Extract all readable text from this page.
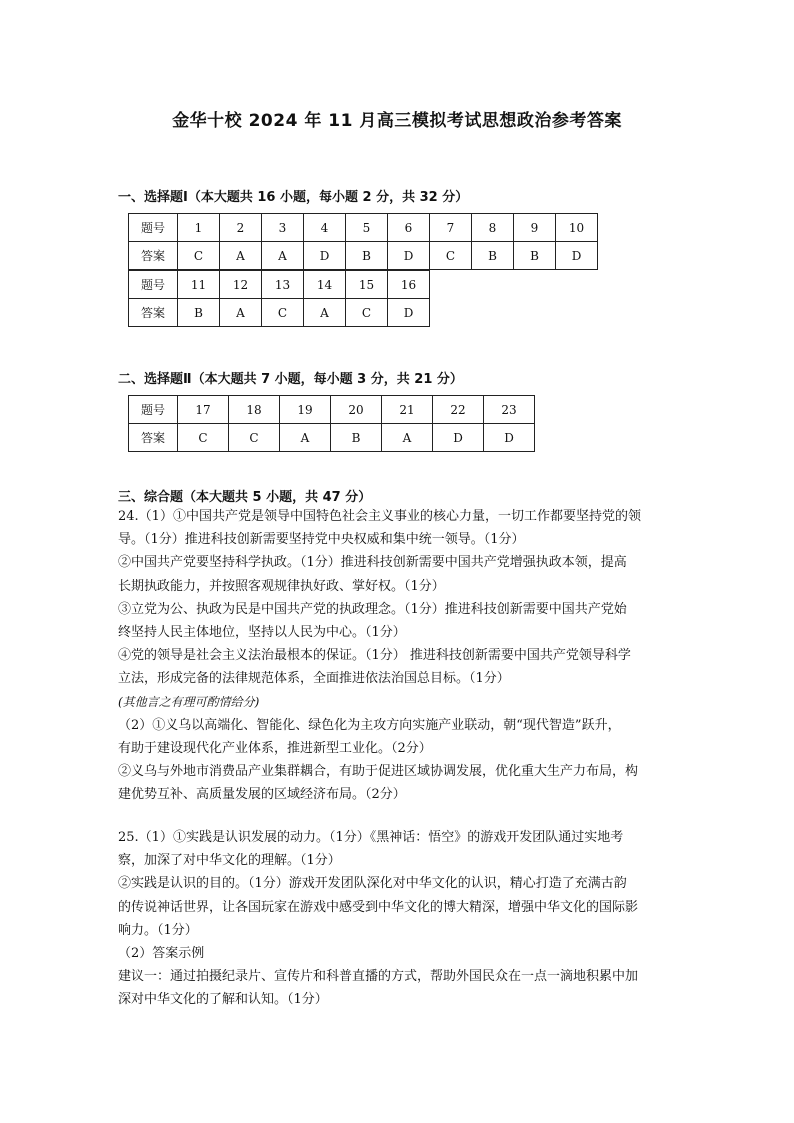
金华十校 2024 年 11 月高三模拟考试思想政治参考答案
一、选择题Ⅰ（本大题共 16 小题，每小题 2 分，共 32 分）
题号	1	2	3	4	5	6	7	8	9	10
答案	C	A	A	D	B	D	C	B	B	D
题号	11	12	13	14	15	16
答案	B	A	C	A	C	D
二、选择题Ⅱ（本大题共 7 小题，每小题 3 分，共 21 分）
题号	17	18	19	20	21	22	23
答案	C	C	A	B	A	D	D
三、综合题（本大题共 5 小题，共 47 分）

24.（1）①中国共产党是领导中国特色社会主义事业的核心力量，一切工作都要坚持党的领

导。（1分）推进科技创新需要坚持党中央权威和集中统一领导。（1分）

②中国共产党要坚持科学执政。（1分）推进科技创新需要中国共产党增强执政本领，提高

长期执政能力，并按照客观规律执好政、掌好权。（1分）

③立党为公、执政为民是中国共产党的执政理念。（1分）推进科技创新需要中国共产党始

终坚持人民主体地位，坚持以人民为中心。（1分）

④党的领导是社会主义法治最根本的保证。（1分） 推进科技创新需要中国共产党领导科学

立法，形成完备的法律规范体系，全面推进依法治国总目标。（1分）

(其他言之有理可酌情给分)

（2）①义乌以高端化、智能化、绿色化为主攻方向实施产业联动，朝“现代智造”跃升，

有助于建设现代化产业体系，推进新型工业化。（2分）

②义乌与外地市消费品产业集群耦合，有助于促进区域协调发展，优化重大生产力布局，构

建优势互补、高质量发展的区域经济布局。（2分）

25.（1）①实践是认识发展的动力。（1分）《黑神话：悟空》的游戏开发团队通过实地考

察，加深了对中华文化的理解。（1分）

②实践是认识的目的。（1分）游戏开发团队深化对中华文化的认识，精心打造了充满古韵

的传说神话世界，让各国玩家在游戏中感受到中华文化的博大精深，增强中华文化的国际影

响力。（1分）

（2）答案示例

建议一：通过拍摄纪录片、宣传片和科普直播的方式，帮助外国民众在一点一滴地积累中加

深对中华文化的了解和认知。（1分）
